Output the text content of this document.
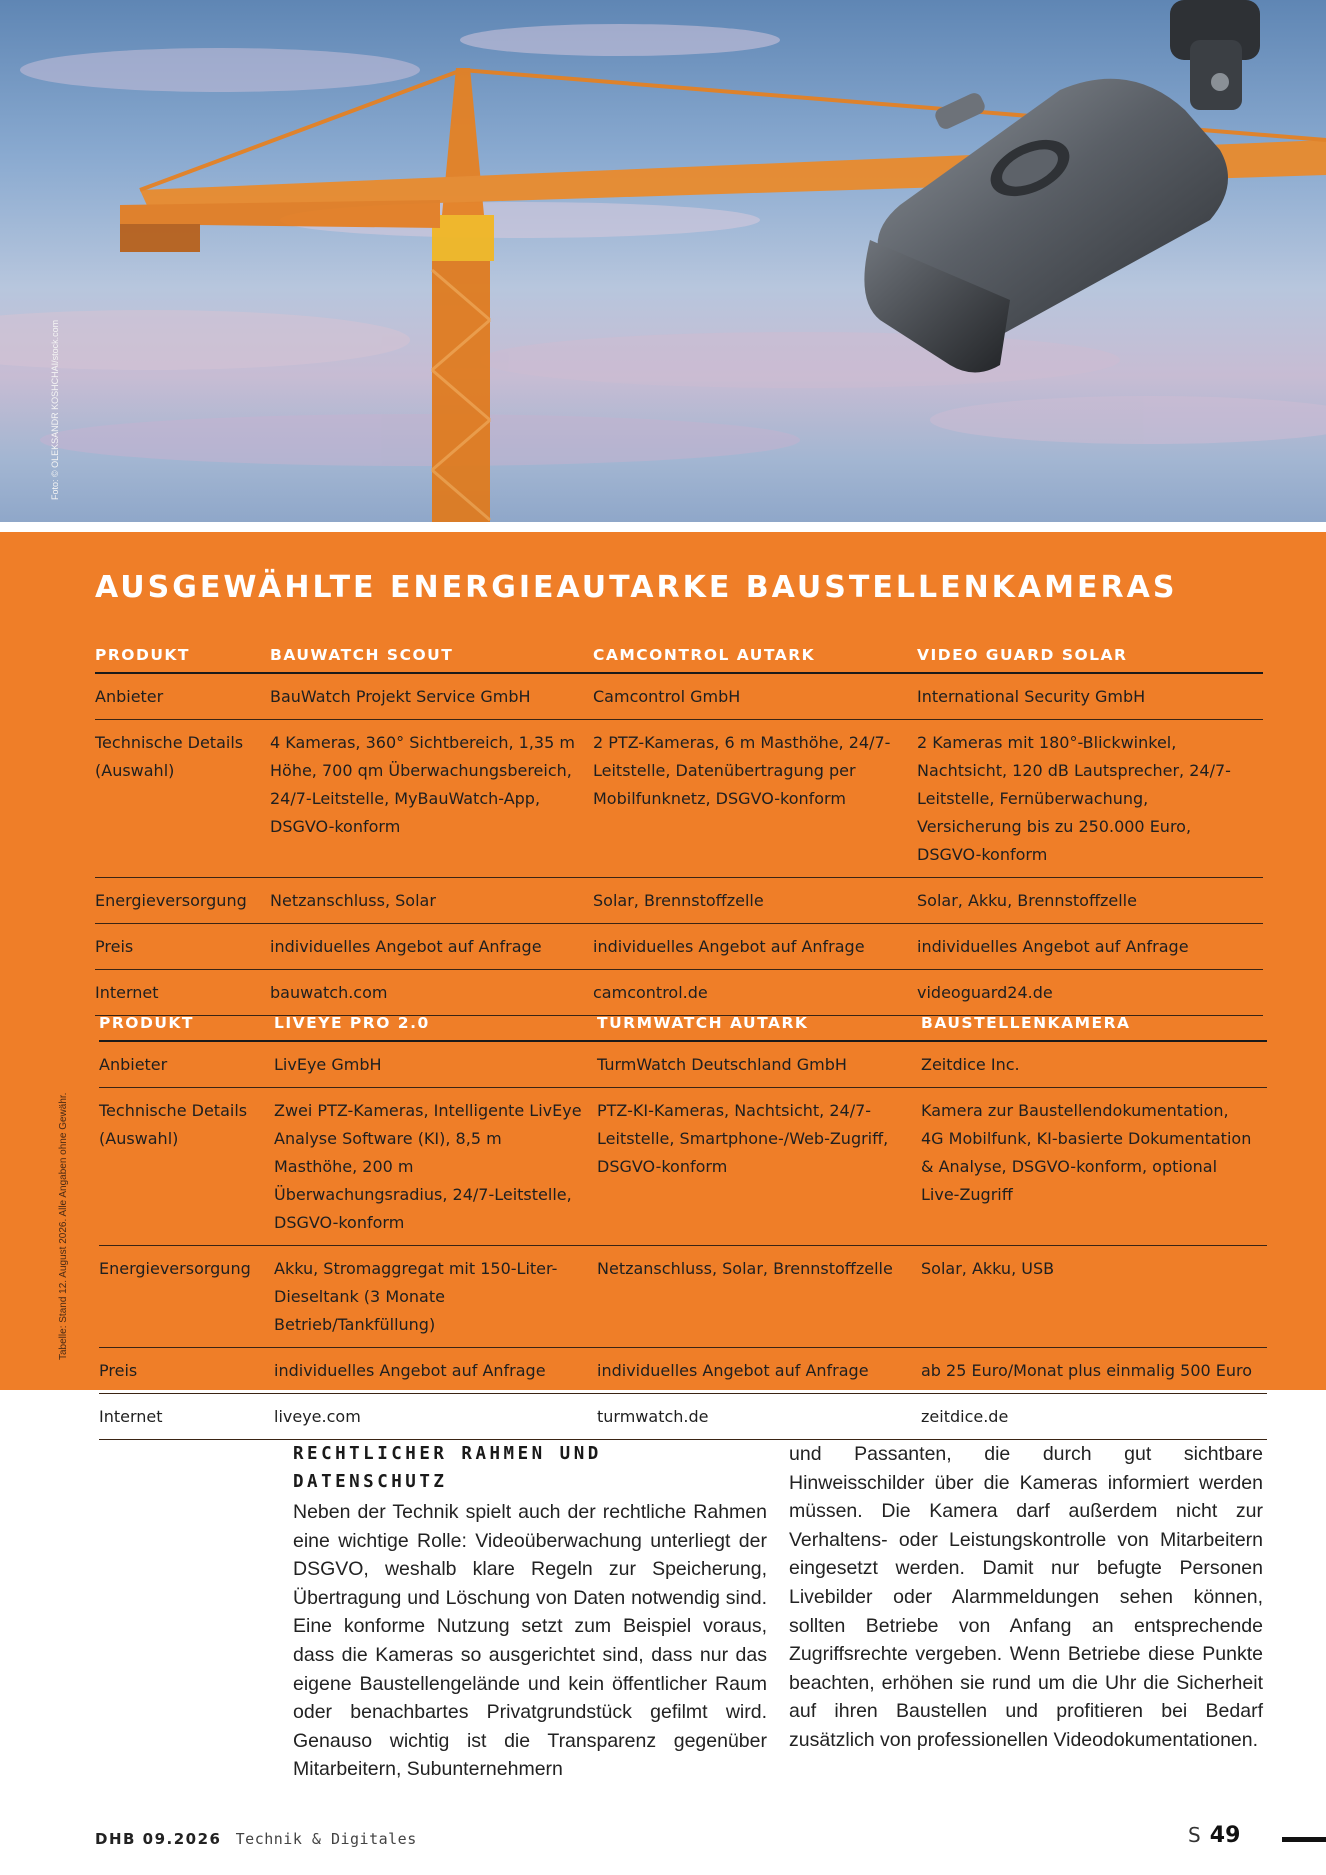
Foto: © OLEKSANDR KOSHCHAI/stock.com
AUSGEWÄHLTE ENERGIEAUTARKE BAUSTELLENKAMERAS
PRODUKT	BAUWATCH SCOUT	CAMCONTROL AUTARK	VIDEO GUARD SOLAR
Anbieter	BauWatch Projekt Service GmbH	Camcontrol GmbH	International Security GmbH
Technische Details (Auswahl)	4 Kameras, 360° Sichtbereich, 1,35 m Höhe, 700 qm Überwachungsbereich, 24/7-Leitstelle, MyBauWatch-App, DSGVO-konform	2 PTZ-Kameras, 6 m Masthöhe, 24/7-Leitstelle, Datenübertragung per Mobilfunknetz, DSGVO-konform	2 Kameras mit 180°-Blickwinkel, Nachtsicht, 120 dB Lautsprecher, 24/7-Leitstelle, Fernüberwachung, Versicherung bis zu 250.000 Euro, DSGVO-konform
Energieversorgung	Netzanschluss, Solar	Solar, Brennstoffzelle	Solar, Akku, Brennstoffzelle
Preis	individuelles Angebot auf Anfrage	individuelles Angebot auf Anfrage	individuelles Angebot auf Anfrage
Internet	bauwatch.com	camcontrol.de	videoguard24.de
PRODUKT	LIVEYE PRO 2.0	TURMWATCH AUTARK	BAUSTELLENKAMERA
Anbieter	LivEye GmbH	TurmWatch Deutschland GmbH	Zeitdice Inc.
Technische Details (Auswahl)	Zwei PTZ-Kameras, Intelligente LivEye Analyse Software (KI), 8,5 m Masthöhe, 200 m Überwachungsradius, 24/7-Leitstelle, DSGVO-konform	PTZ-KI-Kameras, Nachtsicht, 24/7-Leitstelle, Smartphone-/Web-Zugriff, DSGVO-konform	Kamera zur Baustellendokumentation, 4G Mobilfunk, KI-basierte Dokumentation & Analyse, DSGVO-konform, optional Live-Zugriff
Energieversorgung	Akku, Stromaggregat mit 150-Liter-Dieseltank (3 Monate Betrieb/Tankfüllung)	Netzanschluss, Solar, Brennstoffzelle	Solar, Akku, USB
Preis	individuelles Angebot auf Anfrage	individuelles Angebot auf Anfrage	ab 25 Euro/Monat plus einmalig 500 Euro
Internet	liveye.com	turmwatch.de	zeitdice.de
Tabelle: Stand 12. August 2026. Alle Angaben ohne Gewähr.
RECHTLICHER RAHMEN UND DATENSCHUTZ

Neben der Technik spielt auch der rechtliche Rahmen eine wichtige Rolle: Videoüberwachung unterliegt der DSGVO, weshalb klare Regeln zur Speicherung, Übertragung und Löschung von Daten notwendig sind. Eine konforme Nutzung setzt zum Beispiel voraus, dass die Kameras so ausgerichtet sind, dass nur das eigene Baustellengelände und kein öffentlicher Raum oder benachbartes Privatgrundstück gefilmt wird. Genauso wichtig ist die Transparenz gegenüber Mitarbeitern, Subunternehmern

und Passanten, die durch gut sichtbare Hinweisschilder über die Kameras informiert werden müssen. Die Kamera darf außerdem nicht zur Verhaltens- oder Leistungskontrolle von Mitarbeitern eingesetzt werden. Damit nur befugte Personen Livebilder oder Alarmmeldungen sehen können, sollten Betriebe von Anfang an entsprechende Zugriffsrechte vergeben. Wenn Betriebe diese Punkte beachten, erhöhen sie rund um die Uhr die Sicherheit auf ihren Baustellen und profitieren bei Bedarf zusätzlich von professionellen Videodokumentationen.

DHB 09.2026 Technik & Digitales	S 49
